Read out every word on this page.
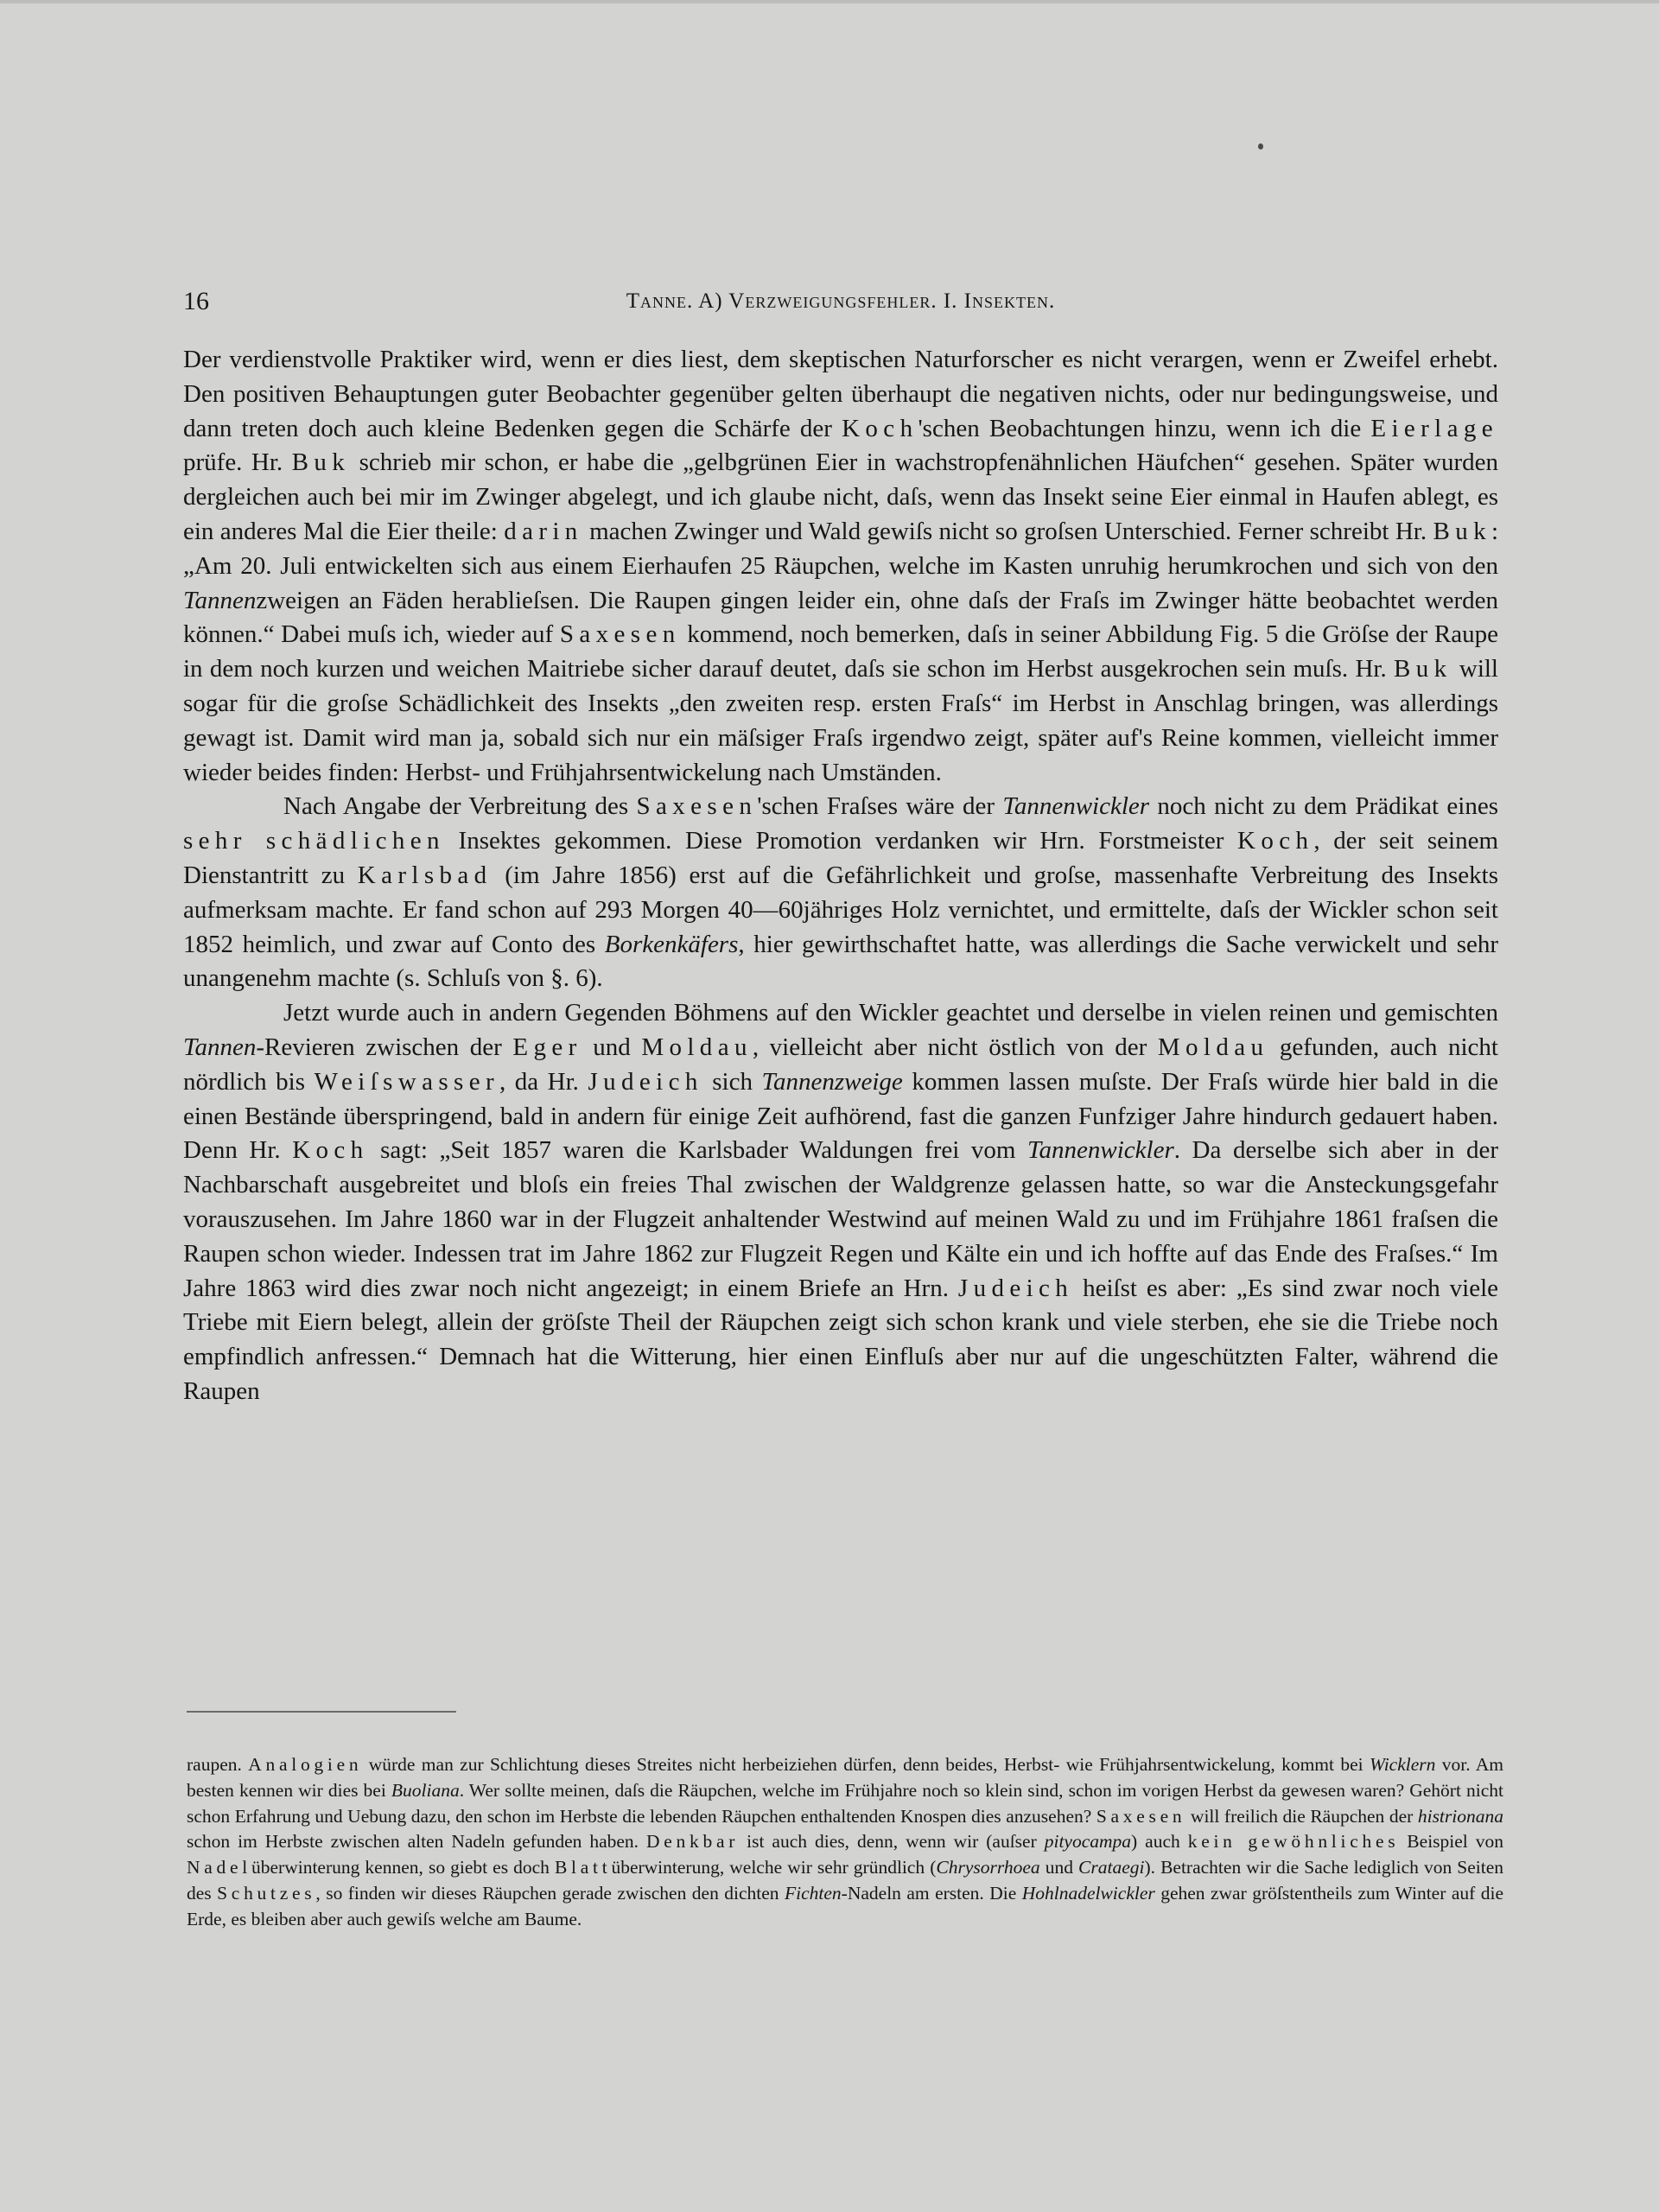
16	Tanne. A) Verzweigungsfehler. I. Insekten.

Der verdienstvolle Praktiker wird, wenn er dies liest, dem skeptischen Naturforscher es nicht verargen, wenn er Zweifel erhebt. Den positiven Behauptungen guter Beobachter gegenüber gelten überhaupt die negativen nichts, oder nur bedingungsweise, und dann treten doch auch kleine Bedenken gegen die Schärfe der Koch'schen Beobachtungen hinzu, wenn ich die Eierlage prüfe. Hr. Buk schrieb mir schon, er habe die „gelbgrünen Eier in wachstropfenähnlichen Häufchen“ gesehen. Später wurden dergleichen auch bei mir im Zwinger abgelegt, und ich glaube nicht, daſs, wenn das Insekt seine Eier einmal in Haufen ablegt, es ein anderes Mal die Eier theile: darin machen Zwinger und Wald gewiſs nicht so groſsen Unterschied. Ferner schreibt Hr. Buk: „Am 20. Juli entwickelten sich aus einem Eierhaufen 25 Räupchen, welche im Kasten unruhig herumkrochen und sich von den Tannenzweigen an Fäden herablieſsen. Die Raupen gingen leider ein, ohne daſs der Fraſs im Zwinger hätte beobachtet werden können.“ Dabei muſs ich, wieder auf Saxesen kommend, noch bemerken, daſs in seiner Abbildung Fig. 5 die Gröſse der Raupe in dem noch kurzen und weichen Maitriebe sicher darauf deutet, daſs sie schon im Herbst ausgekrochen sein muſs. Hr. Buk will sogar für die groſse Schädlichkeit des Insekts „den zweiten resp. ersten Fraſs“ im Herbst in Anschlag bringen, was allerdings gewagt ist. Damit wird man ja, sobald sich nur ein mäſsiger Fraſs irgendwo zeigt, später auf's Reine kommen, vielleicht immer wieder beides finden: Herbst- und Frühjahrsentwickelung nach Umständen.

Nach Angabe der Verbreitung des Saxesen'schen Fraſses wäre der Tannenwickler noch nicht zu dem Prädikat eines sehr schädlichen Insektes gekommen. Diese Promotion verdanken wir Hrn. Forstmeister Koch, der seit seinem Dienstantritt zu Karlsbad (im Jahre 1856) erst auf die Gefährlichkeit und groſse, massenhafte Verbreitung des Insekts aufmerksam machte. Er fand schon auf 293 Morgen 40—60jähriges Holz vernichtet, und ermittelte, daſs der Wickler schon seit 1852 heimlich, und zwar auf Conto des Borkenkäfers, hier gewirthschaftet hatte, was allerdings die Sache verwickelt und sehr unangenehm machte (s. Schluſs von §. 6).

Jetzt wurde auch in andern Gegenden Böhmens auf den Wickler geachtet und derselbe in vielen reinen und gemischten Tannen-Revieren zwischen der Eger und Moldau, vielleicht aber nicht östlich von der Moldau gefunden, auch nicht nördlich bis Weiſswasser, da Hr. Judeich sich Tannenzweige kommen lassen muſste. Der Fraſs würde hier bald in die einen Bestände überspringend, bald in andern für einige Zeit aufhörend, fast die ganzen Funfziger Jahre hindurch gedauert haben. Denn Hr. Koch sagt: „Seit 1857 waren die Karlsbader Waldungen frei vom Tannenwickler. Da derselbe sich aber in der Nachbarschaft ausgebreitet und bloſs ein freies Thal zwischen der Waldgrenze gelassen hatte, so war die Ansteckungsgefahr vorauszusehen. Im Jahre 1860 war in der Flugzeit anhaltender Westwind auf meinen Wald zu und im Frühjahre 1861 fraſsen die Raupen schon wieder. Indessen trat im Jahre 1862 zur Flugzeit Regen und Kälte ein und ich hoffte auf das Ende des Fraſses.“ Im Jahre 1863 wird dies zwar noch nicht angezeigt; in einem Briefe an Hrn. Judeich heiſst es aber: „Es sind zwar noch viele Triebe mit Eiern belegt, allein der gröſste Theil der Räupchen zeigt sich schon krank und viele sterben, ehe sie die Triebe noch empfindlich anfressen.“ Demnach hat die Witterung, hier einen Einfluſs aber nur auf die ungeschützten Falter, während die Raupen

raupen. Analogien würde man zur Schlichtung dieses Streites nicht herbeiziehen dürfen, denn beides, Herbst- wie Frühjahrsentwickelung, kommt bei Wicklern vor. Am besten kennen wir dies bei Buoliana. Wer sollte meinen, daſs die Räupchen, welche im Frühjahre noch so klein sind, schon im vorigen Herbst da gewesen waren? Gehört nicht schon Erfahrung und Uebung dazu, den schon im Herbste die lebenden Räupchen enthaltenden Knospen dies anzusehen? Saxesen will freilich die Räupchen der histrionana schon im Herbste zwischen alten Nadeln gefunden haben. Denkbar ist auch dies, denn, wenn wir (auſser pityocampa) auch kein gewöhnliches Beispiel von Nadelüberwinterung kennen, so giebt es doch Blattüberwinterung, welche wir sehr gründlich (Chrysorrhoea und Crataegi). Betrachten wir die Sache lediglich von Seiten des Schutzes, so finden wir dieses Räupchen gerade zwischen den dichten Fichten-Nadeln am ersten. Die Hohlnadelwickler gehen zwar gröſstentheils zum Winter auf die Erde, es bleiben aber auch gewiſs welche am Baume.
